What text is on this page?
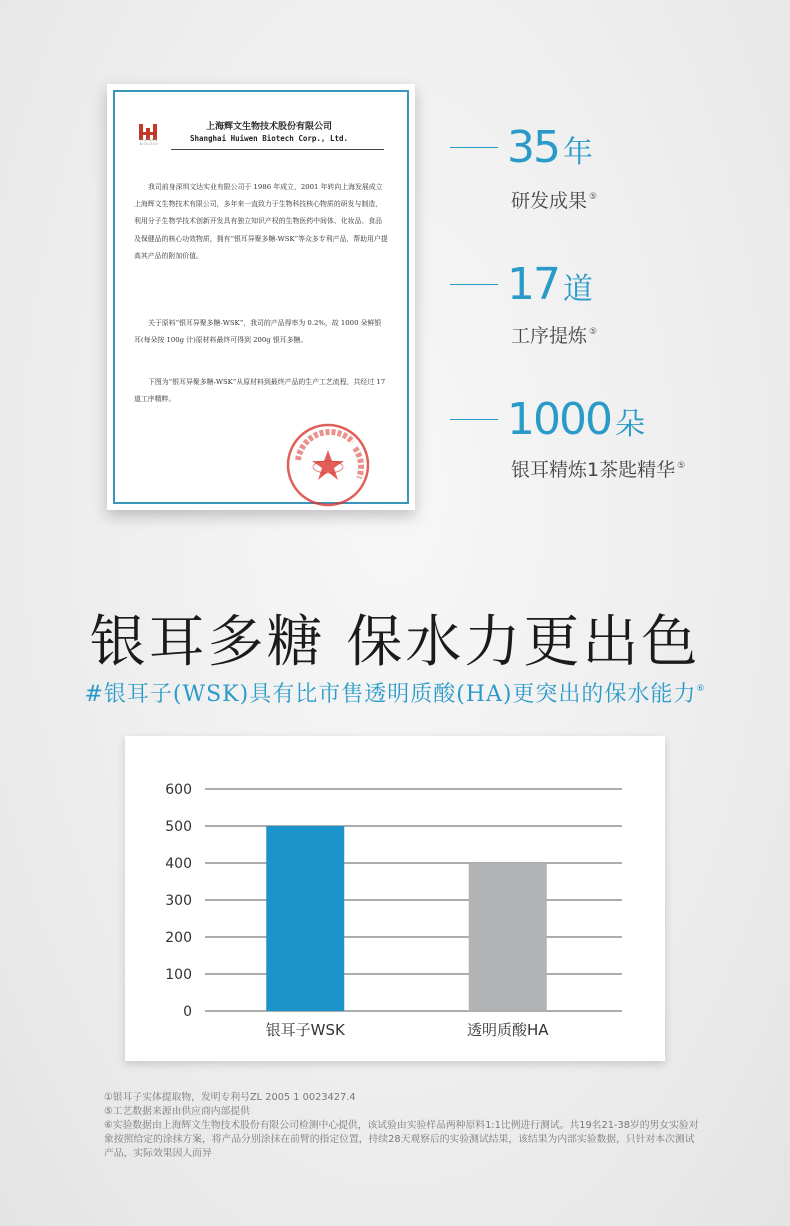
HUIWEN BIOLOGY
上海辉文生物技术股份有限公司
Shanghai Huiwen Biotech Corp., Ltd.
我司前身深圳文达实业有限公司于 1986 年成立，2001 年转向上海发展成立上海辉文生物技术有限公司，多年来一直致力于生物科技核心物质的研发与制造，利用分子生物学技术创新开发具有独立知识产权的生物医药中间体、化妆品、食品及保健品的核心功效物质，拥有“银耳异聚多糖-WSK”等众多专利产品，帮助用户提高其产品的附加价值。
关于原料“银耳异聚多糖-WSK”，我司的产品得率为 0.2%，故 1000 朵鲜银耳(每朵按 100g 计)原材料最终可得到 200g 银耳多糖。
下图为“银耳异聚多糖-WSK”从原材料到最终产品的生产工艺流程，共经过 17 道工序精粹。
35 年
研发成果 ⑤
17 道
工序提炼 ⑤
1000 朵
银耳精炼1茶匙精华 ⑤
银耳多糖 保水力更出色
#银耳子(WSK)具有比市售透明质酸(HA)更突出的保水能力⑥
0
100
200
300
400
500
600
银耳子WSK	透明质酸HA
①银耳子实体提取物，发明专利号ZL 2005 1 0023427.4
⑤工艺数据来源由供应商内部提供
⑥实验数据由上海辉文生物技术股份有限公司检测中心提供，该试验由实验样品两种原料1:1比例进行测试。共19名21-38岁的男女实验对象按照给定的涂抹方案，将产品分别涂抹在前臂的指定位置，持续28天观察后的实验测试结果，该结果为内部实验数据，只针对本次测试产品，实际效果因人而异
